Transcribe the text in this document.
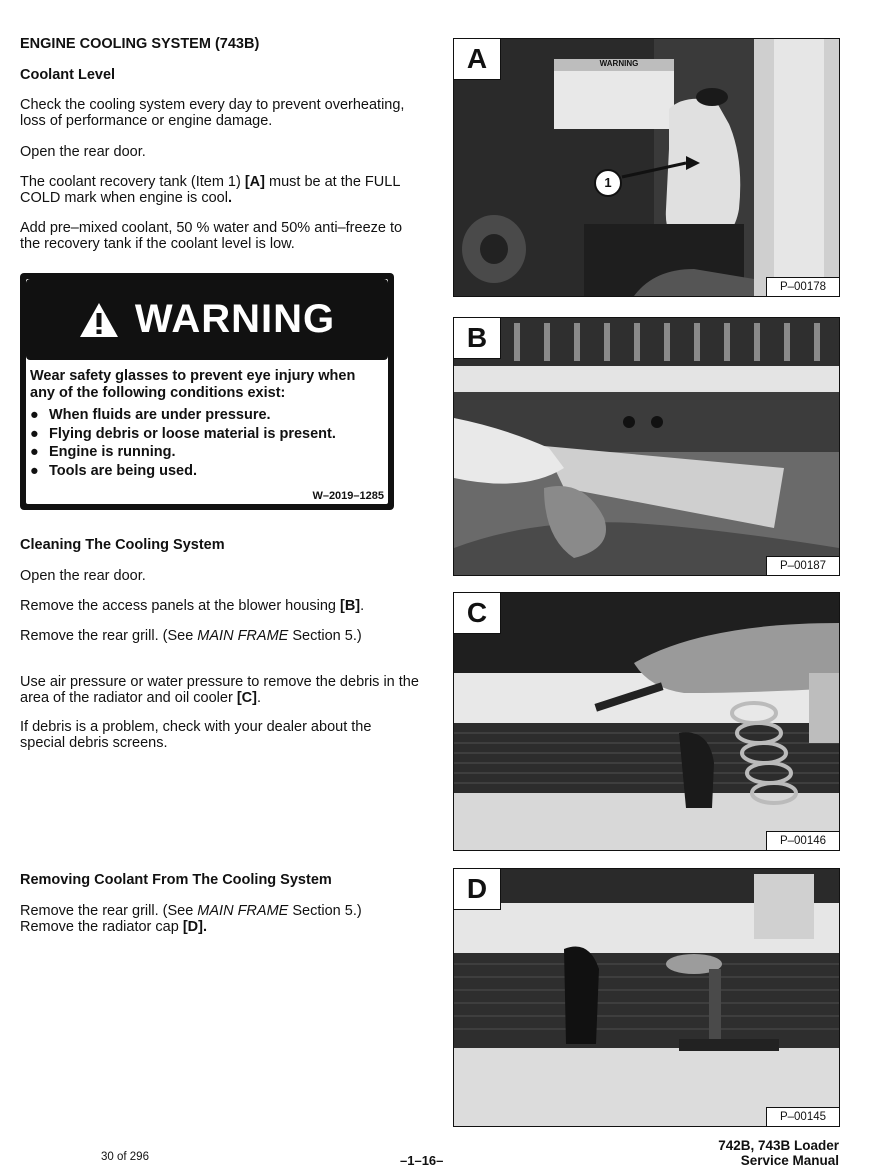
ENGINE COOLING SYSTEM (743B)
Coolant Level
Check the cooling system every day to prevent overheating, loss of performance or engine damage.
Open the rear door.
The coolant recovery tank (Item 1) [A] must be at the FULL COLD mark when engine is cool.
Add pre–mixed coolant, 50 % water and 50% anti–freeze to the recovery tank if the coolant level is low.
Cleaning The Cooling System
Open the rear door.
Remove the access panels at the blower housing [B].
Remove the rear grill. (See MAIN FRAME Section 5.)
Use air pressure or water pressure to remove the debris in the area of the radiator and oil cooler [C].
If debris is a problem, check with your dealer about the special debris screens.
Removing Coolant From The Cooling System
Remove the rear grill. (See MAIN FRAME Section 5.)
Remove the radiator cap [D].
WARNING
Wear safety glasses to prevent eye injury when any of the following conditions exist:
● When fluids are under pressure.
● Flying debris or loose material is present.
● Engine is running.
● Tools are being used.
W–2019–1285
WARNING
1
A
P–00178
B
P–00187
C
P–00146
D
P–00145
30 of 296	–1–16–
742B, 743B Loader
Service Manual
